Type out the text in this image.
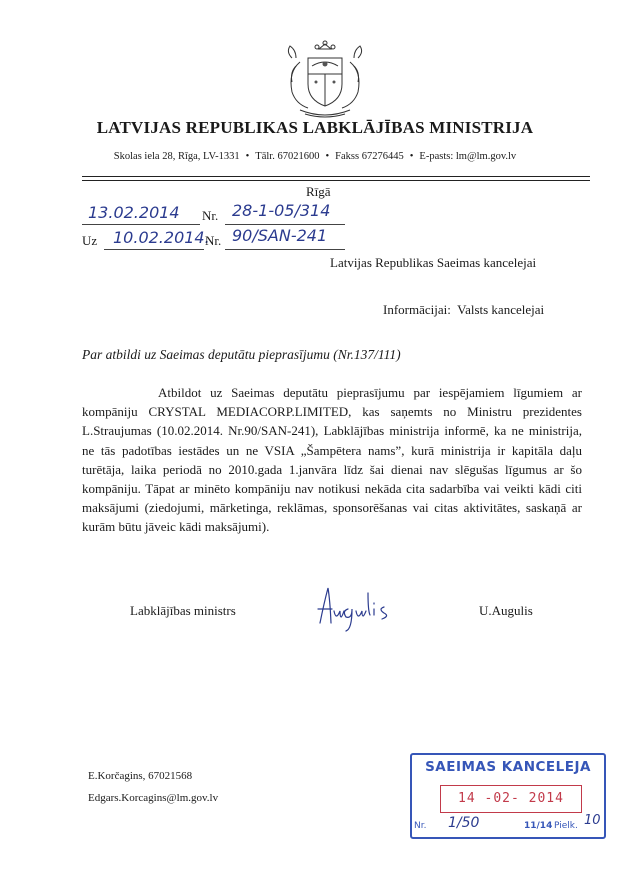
LATVIJAS REPUBLIKAS LABKLĀJĪBAS MINISTRIJA
Skolas iela 28, Rīga, LV-1331 • Tālr. 67021600 • Fakss 67276445 • E-pasts: lm@lm.gov.lv
Rīgā
13.02.2014 Nr. 28-1-05/314
Uz 10.02.2014.
Nr. 90/SAN-241
Latvijas Republikas Saeimas kancelejai
Informācijai: Valsts kancelejai
Par atbildi uz Saeimas deputātu pieprasījumu (Nr.137/111)
Atbildot uz Saeimas deputātu pieprasījumu par iespējamiem līgumiem ar kompāniju CRYSTAL MEDIACORP.LIMITED, kas saņemts no Ministru prezidentes L.Straujumas (10.02.2014. Nr.90/SAN-241), Labklājības ministrija informē, ka ne ministrija, ne tās padotības iestādes un ne VSIA „Šampētera nams”, kurā ministrija ir kapitāla daļu turētāja, laika periodā no 2010.gada 1.janvāra līdz šai dienai nav slēgušas līgumus ar šo kompāniju. Tāpat ar minēto kompāniju nav notikusi nekāda cita sadarbība vai veikti kādi citi maksājumi (ziedojumi, mārketinga, reklāmas, sponsorēšanas vai citas aktivitātes, saskaņā ar kurām būtu jāveic kādi maksājumi).
Labklājības ministrs	U.Augulis
E.Korčagins, 67021568
Edgars.Korcagins@lm.gov.lv
SAEIMAS KANCELEJA
14 -02- 2014
Nr. 1/50	11/14 Pielk. 10
